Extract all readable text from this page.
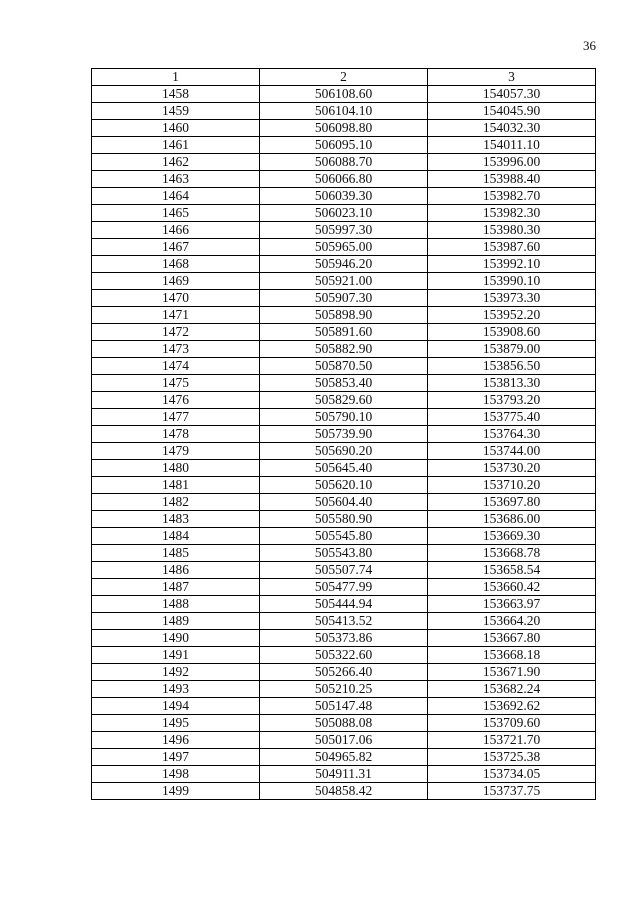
36
1	2	3
1458	506108.60	154057.30
1459	506104.10	154045.90
1460	506098.80	154032.30
1461	506095.10	154011.10
1462	506088.70	153996.00
1463	506066.80	153988.40
1464	506039.30	153982.70
1465	506023.10	153982.30
1466	505997.30	153980.30
1467	505965.00	153987.60
1468	505946.20	153992.10
1469	505921.00	153990.10
1470	505907.30	153973.30
1471	505898.90	153952.20
1472	505891.60	153908.60
1473	505882.90	153879.00
1474	505870.50	153856.50
1475	505853.40	153813.30
1476	505829.60	153793.20
1477	505790.10	153775.40
1478	505739.90	153764.30
1479	505690.20	153744.00
1480	505645.40	153730.20
1481	505620.10	153710.20
1482	505604.40	153697.80
1483	505580.90	153686.00
1484	505545.80	153669.30
1485	505543.80	153668.78
1486	505507.74	153658.54
1487	505477.99	153660.42
1488	505444.94	153663.97
1489	505413.52	153664.20
1490	505373.86	153667.80
1491	505322.60	153668.18
1492	505266.40	153671.90
1493	505210.25	153682.24
1494	505147.48	153692.62
1495	505088.08	153709.60
1496	505017.06	153721.70
1497	504965.82	153725.38
1498	504911.31	153734.05
1499	504858.42	153737.75
